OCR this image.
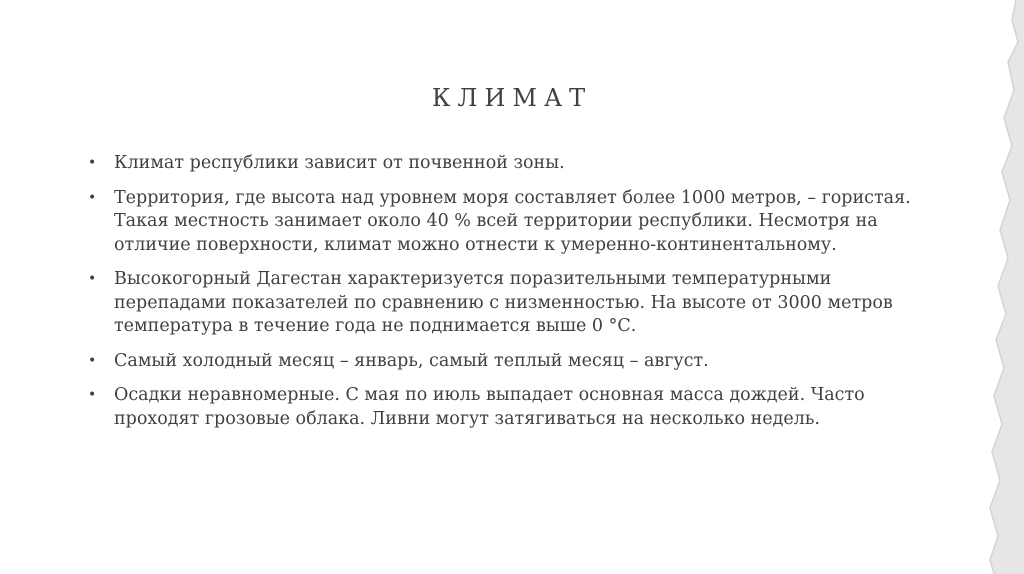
КЛИМАТ
• Климат республики зависит от почвенной зоны.
• Территория, где высота над уровнем моря составляет более 1000 метров, – гористая. Такая местность занимает около 40 % всей территории республики. Несмотря на отличие поверхности, климат можно отнести к умеренно-континентальному.
• Высокогорный Дагестан характеризуется поразительными температурными перепадами показателей по сравнению с низменностью. На высоте от 3000 метров температура в течение года не поднимается выше 0 °С.
• Самый холодный месяц – январь, самый теплый месяц – август.
• Осадки неравномерные. С мая по июль выпадает основная масса дождей. Часто проходят грозовые облака. Ливни могут затягиваться на несколько недель.
